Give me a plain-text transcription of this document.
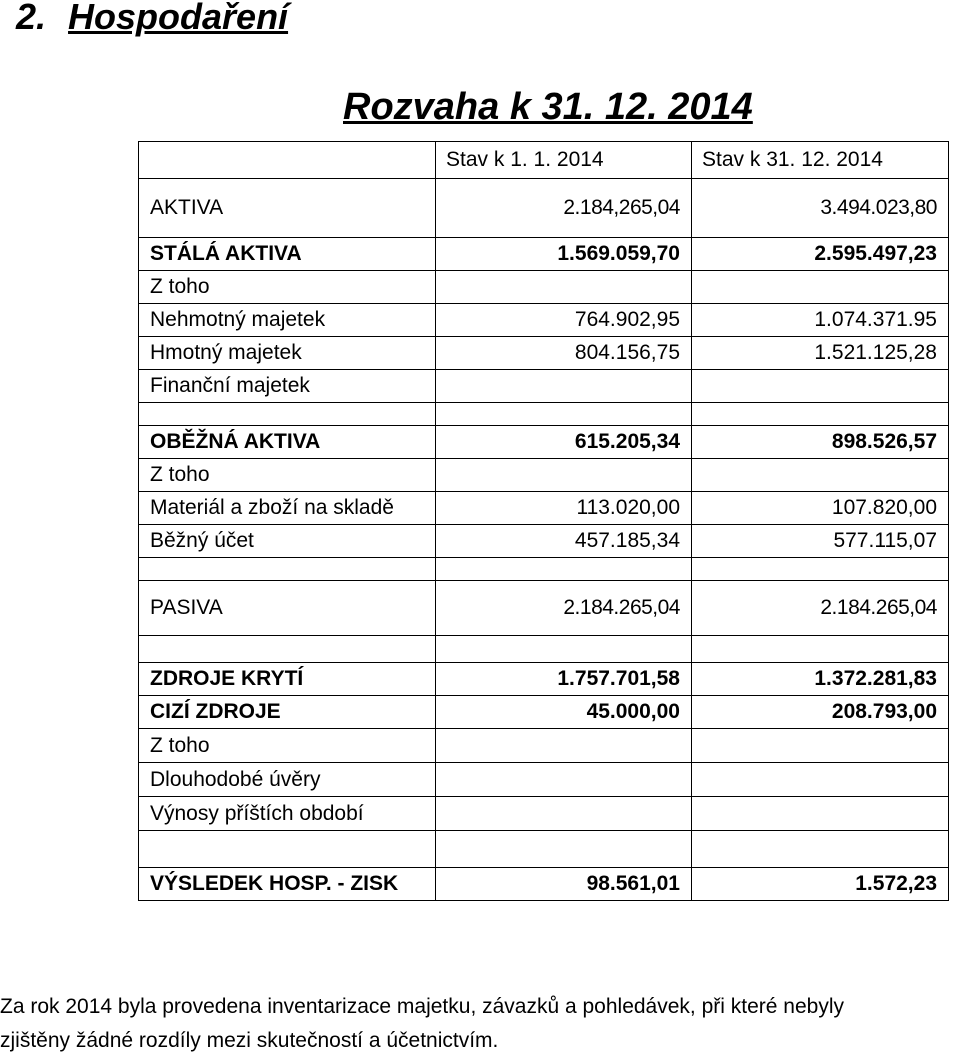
2. Hospodaření
Rozvaha k 31. 12. 2014
	Stav k 1. 1. 2014	Stav k 31. 12. 2014
AKTIVA	2.184,265,04	3.494.023,80
STÁLÁ AKTIVA	1.569.059,70	2.595.497,23
Z toho		
Nehmotný majetek	764.902,95	1.074.371.95
Hmotný majetek	804.156,75	1.521.125,28
Finanční majetek		

OBĚŽNÁ AKTIVA	615.205,34	898.526,57
Z toho		
Materiál a zboží na skladě	113.020,00	107.820,00
Běžný účet	457.185,34	577.115,07

PASIVA	2.184.265,04	2.184.265,04

ZDROJE KRYTÍ	1.757.701,58	1.372.281,83
CIZÍ ZDROJE	45.000,00	208.793,00
Z toho		
Dlouhodobé úvěry		
Výnosy příštích období		

VÝSLEDEK HOSP. - ZISK	98.561,01	1.572,23

Za rok 2014 byla provedena inventarizace majetku, závazků a pohledávek, při které nebyly

zjištěny žádné rozdíly mezi skutečností a účetnictvím.
